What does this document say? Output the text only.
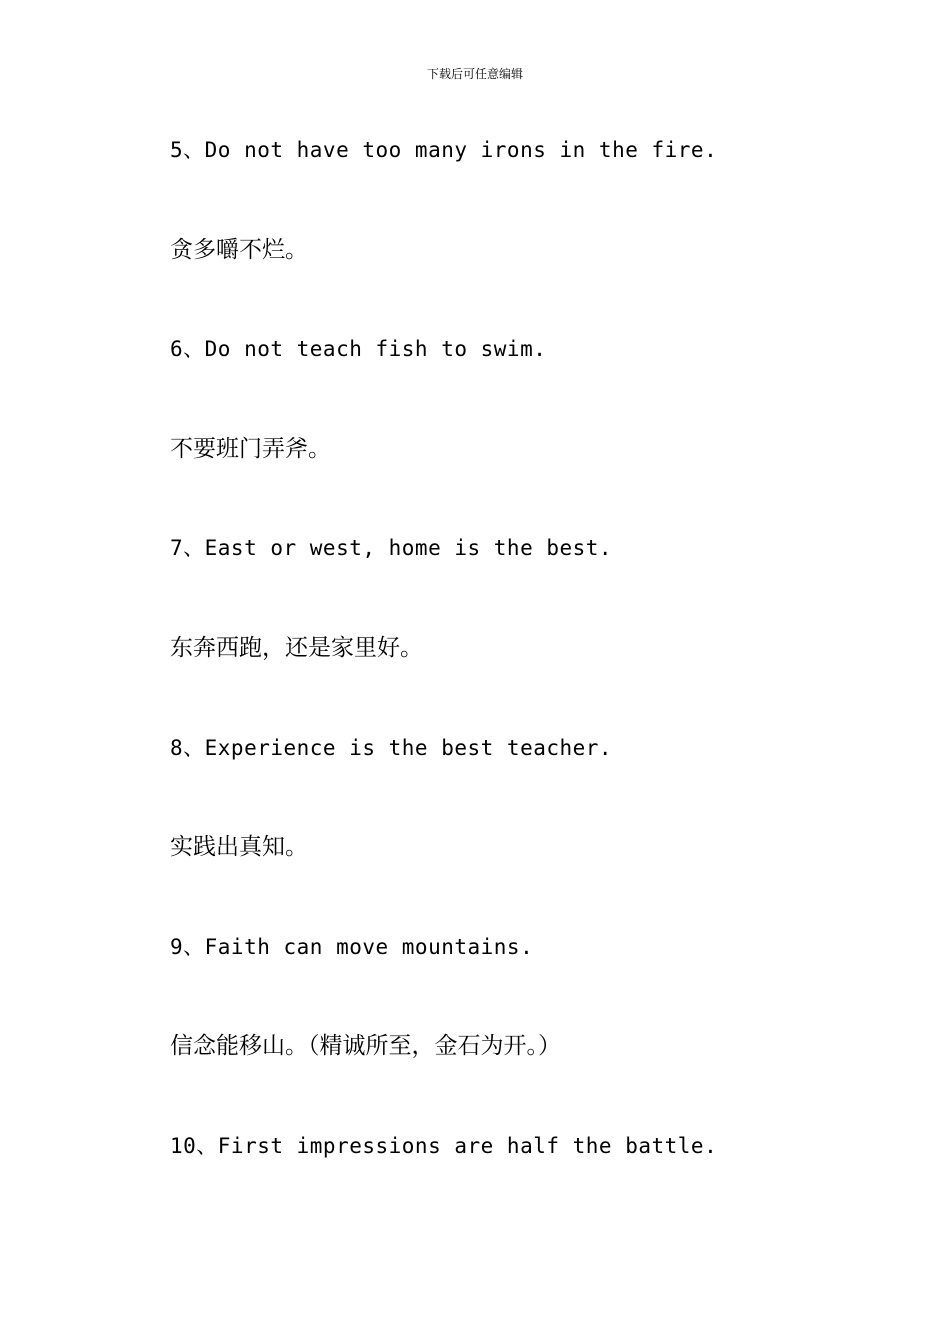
下载后可任意编辑
5、Do not have too many irons in the fire.
贪多嚼不烂。
6、Do not teach fish to swim.
不要班门弄斧。
7、East or west, home is the best.
东奔西跑，还是家里好。
8、Experience is the best teacher.
实践出真知。
9、Faith can move mountains.
信念能移山。（精诚所至，金石为开。）
10、First impressions are half the battle.
